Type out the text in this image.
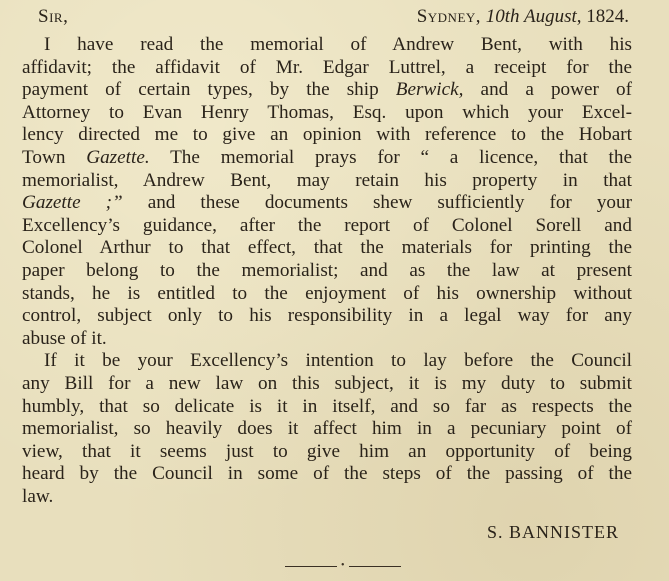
Sir,	Sydney, 10th August, 1824.
I have read the memorial of Andrew Bent, with his
affidavit; the affidavit of Mr. Edgar Luttrel, a receipt for the
payment of certain types, by the ship Berwick, and a power of
Attorney to Evan Henry Thomas, Esq. upon which your Excel-
lency directed me to give an opinion with reference to the Hobart
Town Gazette. The memorial prays for “ a licence, that the
memorialist, Andrew Bent, may retain his property in that
Gazette ;” and these documents shew sufficiently for your
Excellency’s guidance, after the report of Colonel Sorell and
Colonel Arthur to that effect, that the materials for printing the
paper belong to the memorialist; and as the law at present
stands, he is entitled to the enjoyment of his ownership without
control, subject only to his responsibility in a legal way for any
abuse of it.
If it be your Excellency’s intention to lay before the Council
any Bill for a new law on this subject, it is my duty to submit
humbly, that so delicate is it in itself, and so far as respects the
memorialist, so heavily does it affect him in a pecuniary point of
view, that it seems just to give him an opportunity of being
heard by the Council in some of the steps of the passing of the
law.
S. BANNISTER
•
